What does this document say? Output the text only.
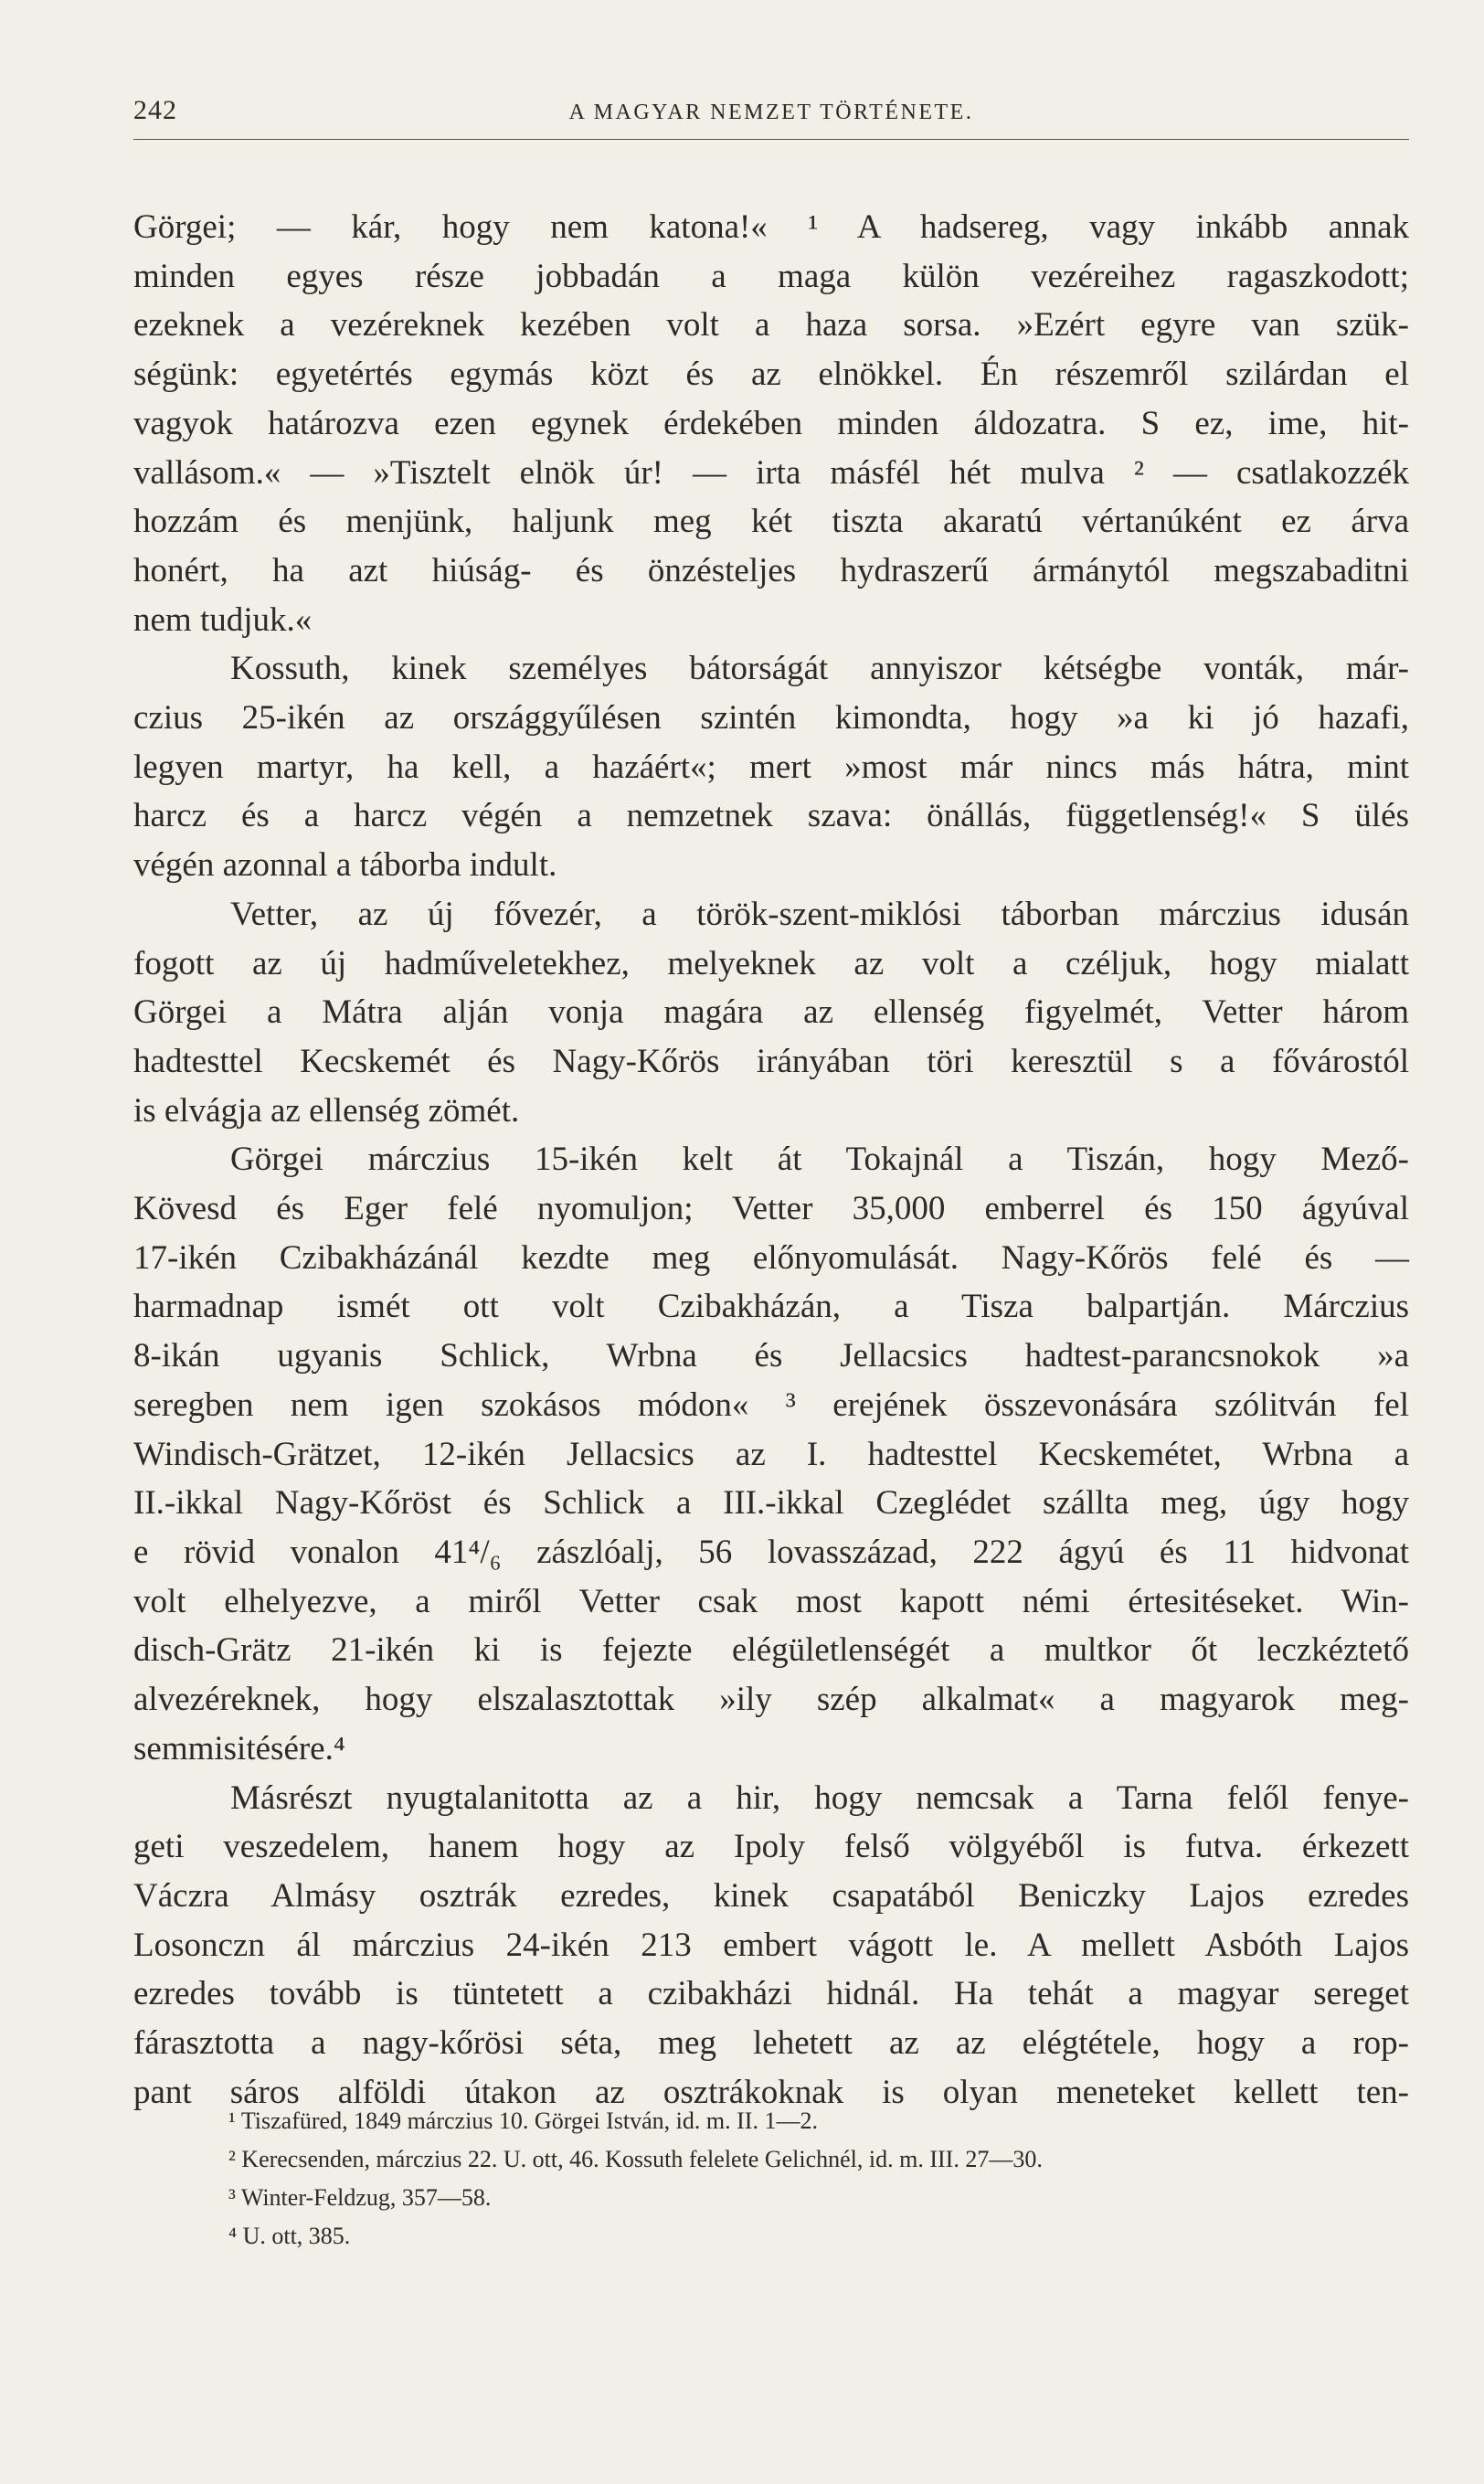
242	A MAGYAR NEMZET TÖRTÉNETE.
Görgei; — kár, hogy nem katona!« ¹ A hadsereg, vagy inkább annak
minden egyes része jobbadán a maga külön vezéreihez ragaszkodott;
ezeknek a vezéreknek kezében volt a haza sorsa. »Ezért egyre van szük-
ségünk: egyetértés egymás közt és az elnökkel. Én részemről szilárdan el
vagyok határozva ezen egynek érdekében minden áldozatra. S ez, ime, hit-
vallásom.« — »Tisztelt elnök úr! — irta másfél hét mulva ² — csatlakozzék
hozzám és menjünk, haljunk meg két tiszta akaratú vértanúként ez árva
honért, ha azt hiúság- és önzésteljes hydraszerű ármánytól megszabaditni
nem tudjuk.«
Kossuth, kinek személyes bátorságát annyiszor kétségbe vonták, már-
czius 25-ikén az országgyűlésen szintén kimondta, hogy »a ki jó hazafi,
legyen martyr, ha kell, a hazáért«; mert »most már nincs más hátra, mint
harcz és a harcz végén a nemzetnek szava: önállás, függetlenség!« S ülés
végén azonnal a táborba indult.
Vetter, az új fővezér, a török-szent-miklósi táborban márczius idusán
fogott az új hadműveletekhez, melyeknek az volt a czéljuk, hogy mialatt
Görgei a Mátra alján vonja magára az ellenség figyelmét, Vetter három
hadtesttel Kecskemét és Nagy-Kőrös irányában töri keresztül s a fővárostól
is elvágja az ellenség zömét.
Görgei márczius 15-ikén kelt át Tokajnál a Tiszán, hogy Mező-
Kövesd és Eger felé nyomuljon; Vetter 35,000 emberrel és 150 ágyúval
17-ikén Czibakházánál kezdte meg előnyomulását. Nagy-Kőrös felé és —
harmadnap ismét ott volt Czibakházán, a Tisza balpartján. Márczius
8-ikán ugyanis Schlick, Wrbna és Jellacsics hadtest-parancsnokok »a
seregben nem igen szokásos módon« ³ erejének összevonására szólitván fel
Windisch-Grätzet, 12-ikén Jellacsics az I. hadtesttel Kecskemétet, Wrbna a
II.-ikkal Nagy-Kőröst és Schlick a III.-ikkal Czeglédet szállta meg, úgy hogy
e rövid vonalon 41⁴/₆ zászlóalj, 56 lovasszázad, 222 ágyú és 11 hidvonat
volt elhelyezve, a miről Vetter csak most kapott némi értesitéseket. Win-
disch-Grätz 21-ikén ki is fejezte elégületlenségét a multkor őt leczkéztető
alvezéreknek, hogy elszalasztottak »ily szép alkalmat« a magyarok meg-
semmisitésére.⁴
Másrészt nyugtalanitotta az a hir, hogy nemcsak a Tarna felől fenye-
geti veszedelem, hanem hogy az Ipoly felső völgyéből is futva. érkezett
Váczra Almásy osztrák ezredes, kinek csapatából Beniczky Lajos ezredes
Losonczn ál márczius 24-ikén 213 embert vágott le. A mellett Asbóth Lajos
ezredes tovább is tüntetett a czibakházi hidnál. Ha tehát a magyar sereget
fárasztotta a nagy-kőrösi séta, meg lehetett az az elégtétele, hogy a rop-
pant sáros alföldi útakon az osztrákoknak is olyan meneteket kellett ten-
¹ Tiszafüred, 1849 márczius 10. Görgei István, id. m. II. 1—2.
² Kerecsenden, márczius 22. U. ott, 46. Kossuth felelete Gelichnél, id. m. III. 27—30.
³ Winter-Feldzug, 357—58.
⁴ U. ott, 385.
